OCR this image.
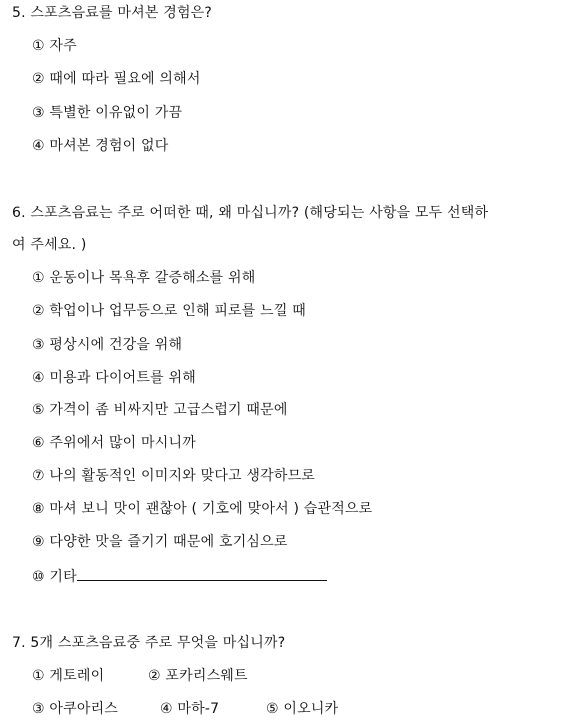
5. 스포츠음료를 마셔본 경험은?
① 자주
② 때에 따라 필요에 의해서
③ 특별한 이유없이 가끔
④ 마셔본 경험이 없다
6. 스포츠음료는 주로 어떠한 때, 왜 마십니까? (해당되는 사항을 모두 선택하
여 주세요. )
① 운동이나 목욕후 갈증해소를 위해
② 학업이나 업무등으로 인해 피로를 느낄 때
③ 평상시에 건강을 위해
④ 미용과 다이어트를 위해
⑤ 가격이 좀 비싸지만 고급스럽기 때문에
⑥ 주위에서 많이 마시니까
⑦ 나의 활동적인 이미지와 맞다고 생각하므로
⑧ 마셔 보니 맛이 괜찮아 ( 기호에 맞아서 ) 습관적으로
⑨ 다양한 맛을 즐기기 때문에 호기심으로
⑩ 기타
7. 5개 스포츠음료중 주로 무엇을 마십니까?
① 게토레이	② 포카리스웨트
③ 아쿠아리스	④ 마하-7	⑤ 이오니카
